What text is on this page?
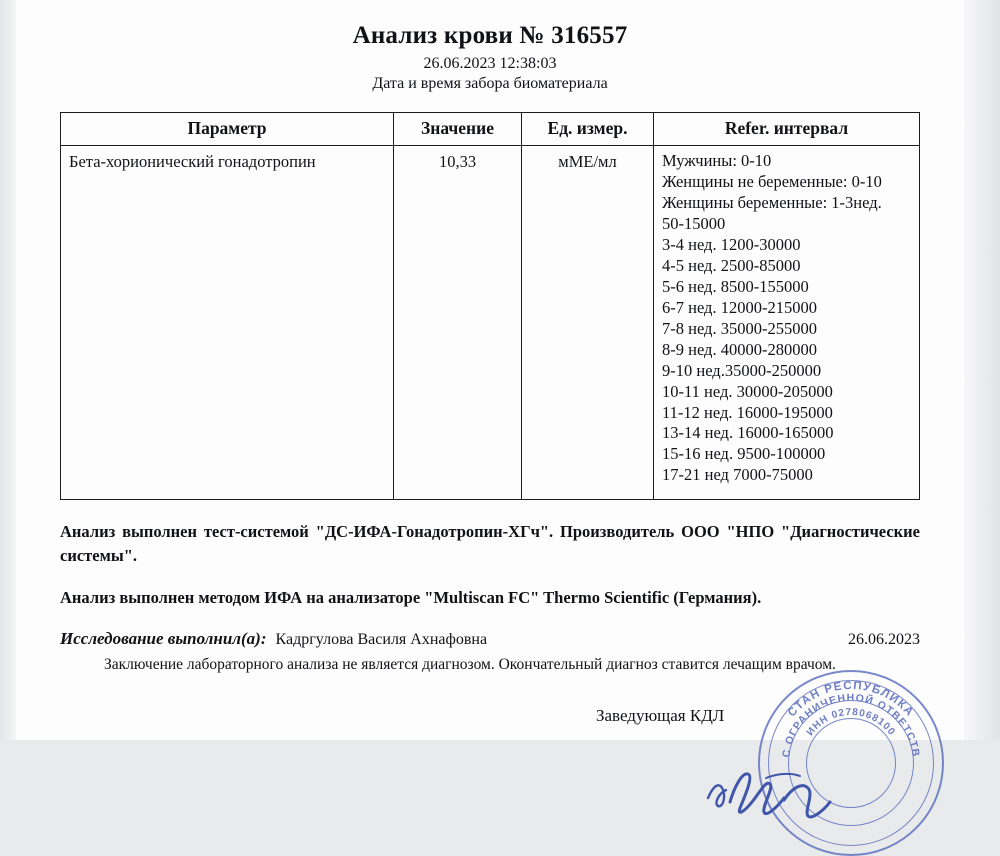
Анализ крови № 316557

26.06.2023 12:38:03

Дата и время забора биоматериала

Параметр	Значение	Ед. измер.	Refer. интервал
Бета-хорионический гонадотропин	10,33	мМЕ/мл	Мужчины: 0-10
Женщины не беременные: 0-10
Женщины беременные: 1-3нед.
50-15000
3-4 нед. 1200-30000
4-5 нед. 2500-85000
5-6 нед. 8500-155000
6-7 нед. 12000-215000
7-8 нед. 35000-255000
8-9 нед. 40000-280000
9-10 нед.35000-250000
10-11 нед. 30000-205000
11-12 нед. 16000-195000
13-14 нед. 16000-165000
15-16 нед. 9500-100000
17-21 нед 7000-75000

Анализ выполнен тест-системой "ДС-ИФА-Гонадотропин-ХГч". Производитель ООО "НПО "Диагностические системы".

Анализ выполнен методом ИФА на анализаторе "Multiscan FC" Thermo Scientific (Германия).

Исследование выполнил(а): Кадргулова Василя Ахнафовна	26.06.2023

Заключение лабораторного анализа не является диагнозом. Окончательный диагноз ставится лечащим врачом.

Заведующая КДЛ	СТАН РЕСПУБЛИКА
С ОГРАНИЧЕННОЙ ОТВЕТСТВ
ИНН 0278068100
